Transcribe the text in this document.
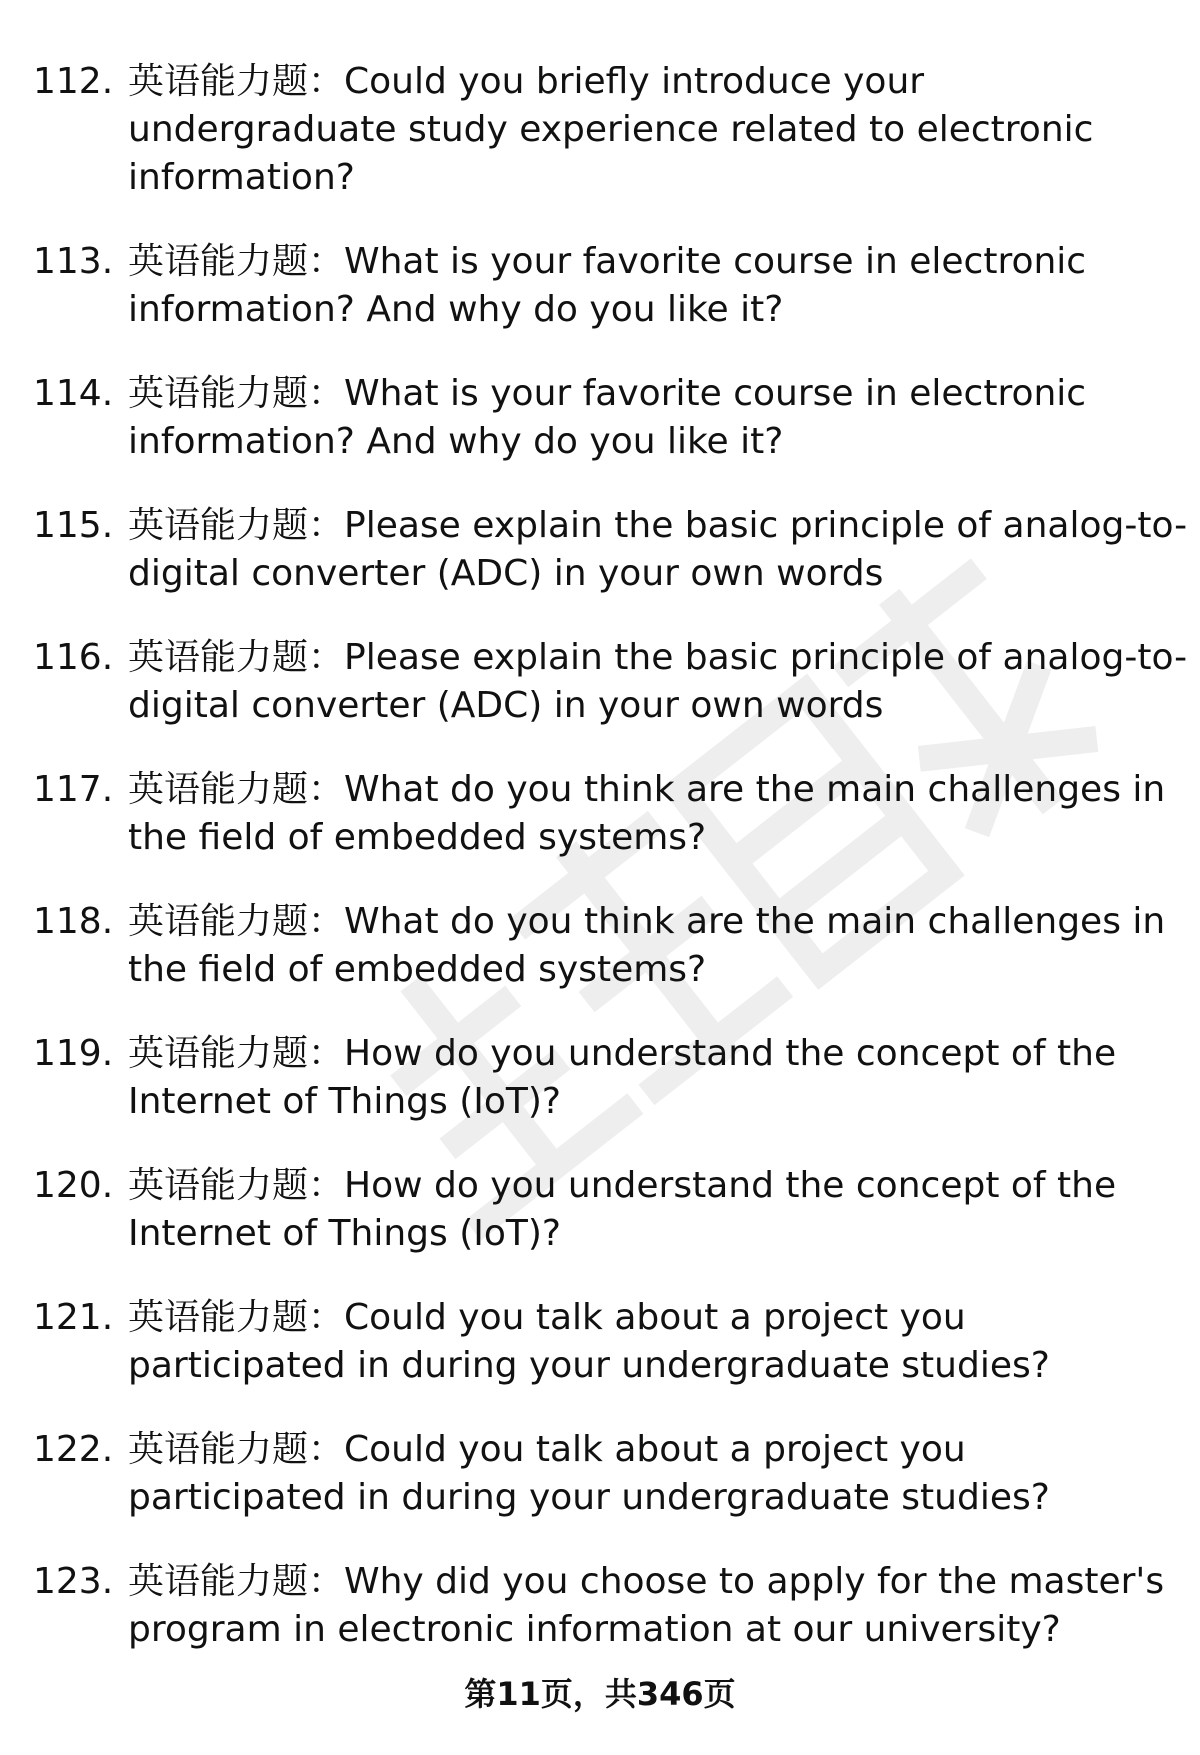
112. 英语能力题：Could you briefly introduce your
undergraduate study experience related to electronic
information?
113. 英语能力题：What is your favorite course in electronic
information? And why do you like it?
114. 英语能力题：What is your favorite course in electronic
information? And why do you like it?
115. 英语能力题：Please explain the basic principle of analog-to-
digital converter (ADC) in your own words
116. 英语能力题：Please explain the basic principle of analog-to-
digital converter (ADC) in your own words
117. 英语能力题：What do you think are the main challenges in
the field of embedded systems?
118. 英语能力题：What do you think are the main challenges in
the field of embedded systems?
119. 英语能力题：How do you understand the concept of the
Internet of Things (IoT)?
120. 英语能力题：How do you understand the concept of the
Internet of Things (IoT)?
121. 英语能力题：Could you talk about a project you
participated in during your undergraduate studies?
122. 英语能力题：Could you talk about a project you
participated in during your undergraduate studies?
123. 英语能力题：Why did you choose to apply for the master's
program in electronic information at our university?
第11页，共346页
